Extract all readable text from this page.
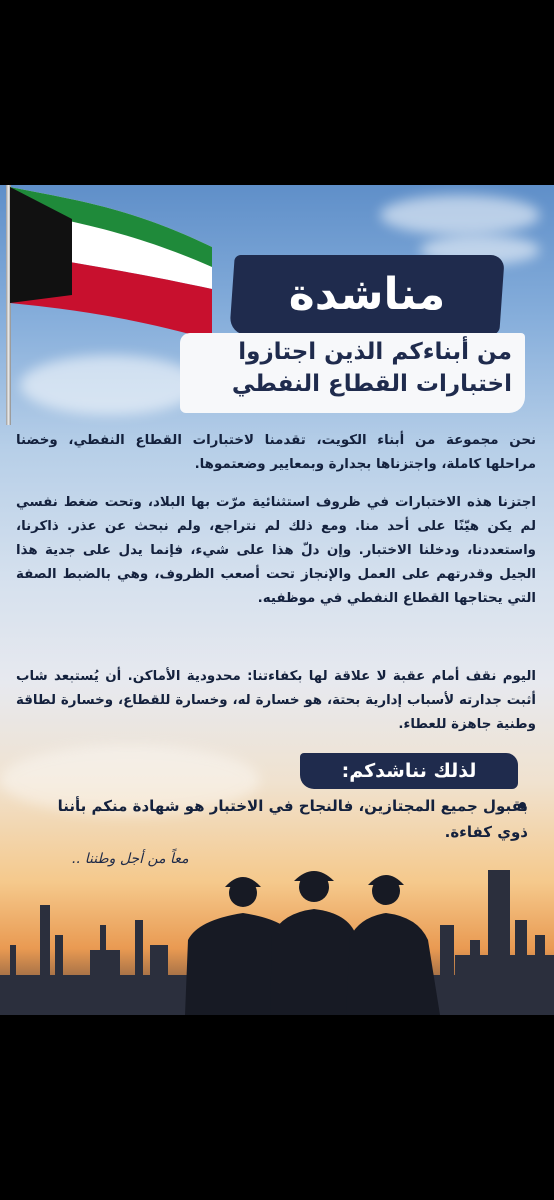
مناشدة
من أبناءكم الذين اجتازوا
اختبارات القطاع النفطي
نحن مجموعة من أبناء الكويت، تقدمنا لاختبارات القطاع النفطي، وخضنا مراحلها كاملة، واجتزناها بجدارة وبمعايير وضعتموها.
اجتزنا هذه الاختبارات في ظروف استثنائية مرّت بها البلاد، وتحت ضغط نفسي لم يكن هيّنًا على أحد منا. ومع ذلك لم نتراجع، ولم نبحث عن عذر. ذاكرنا، واستعددنا، ودخلنا الاختبار. وإن دلّ هذا على شيء، فإنما يدل على جدية هذا الجيل وقدرتهم على العمل والإنجاز تحت أصعب الظروف، وهي بالضبط الصفة التي يحتاجها القطاع النفطي في موظفيه.
اليوم نقف أمام عقبة لا علاقة لها بكفاءتنا: محدودية الأماكن. أن يُستبعد شاب أثبت جدارته لأسباب إدارية بحتة، هو خسارة له، وخسارة للقطاع، وخسارة لطاقة وطنية جاهزة للعطاء.
لذلك نناشدكم:
بقبول جميع المجتازين، فالنجاح في الاختبار هو شهادة منكم بأننا ذوي كفاءة.
معاً من أجل وطننا ..
